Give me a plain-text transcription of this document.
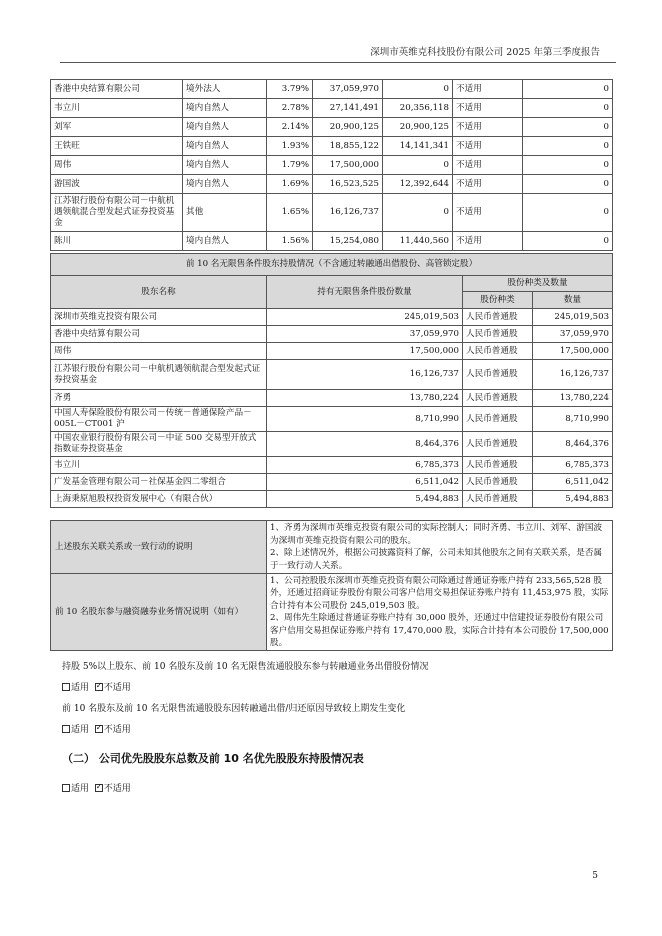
深圳市英维克科技股份有限公司 2025 年第三季度报告
香港中央结算有限公司	境外法人	3.79%	37,059,970	0	不适用	0
韦立川	境内自然人	2.78%	27,141,491	20,356,118	不适用	0
刘军	境内自然人	2.14%	20,900,125	20,900,125	不适用	0
王铁旺	境内自然人	1.93%	18,855,122	14,141,341	不适用	0
周伟	境内自然人	1.79%	17,500,000	0	不适用	0
游国波	境内自然人	1.69%	16,523,525	12,392,644	不适用	0
江苏银行股份有限公司－中航机遇领航混合型发起式证券投资基金	其他	1.65%	16,126,737	0	不适用	0
陈川	境内自然人	1.56%	15,254,080	11,440,560	不适用	0
前 10 名无限售条件股东持股情况（不含通过转融通出借股份、高管锁定股）			
股东名称	持有无限售条件股份数量	股份种类及数量	
		股份种类	数量
深圳市英维克投资有限公司	245,019,503	人民币普通股	245,019,503
香港中央结算有限公司	37,059,970	人民币普通股	37,059,970
周伟	17,500,000	人民币普通股	17,500,000
江苏银行股份有限公司－中航机遇领航混合型发起式证券投资基金	16,126,737	人民币普通股	16,126,737
齐勇	13,780,224	人民币普通股	13,780,224
中国人寿保险股份有限公司－传统－普通保险产品－005L－CT001 沪	8,710,990	人民币普通股	8,710,990
中国农业银行股份有限公司－中证 500 交易型开放式指数证券投资基金	8,464,376	人民币普通股	8,464,376
韦立川	6,785,373	人民币普通股	6,785,373
广发基金管理有限公司－社保基金四二零组合	6,511,042	人民币普通股	6,511,042
上海秉原旭股权投资发展中心（有限合伙）	5,494,883	人民币普通股	5,494,883
上述股东关联关系或一致行动的说明	1、齐勇为深圳市英维克投资有限公司的实际控制人；同时齐勇、韦立川、刘军、游国波为深圳市英维克投资有限公司的股东。
2、除上述情况外，根据公司披露资料了解，公司未知其他股东之间有关联关系，是否属于一致行动人关系。
前 10 名股东参与融资融券业务情况说明（如有）	1、公司控股股东深圳市英维克投资有限公司除通过普通证券账户持有 233,565,528 股外，还通过招商证券股份有限公司客户信用交易担保证券账户持有 11,453,975 股，实际合计持有本公司股份 245,019,503 股。
2、周伟先生除通过普通证券账户持有 30,000 股外，还通过中信建投证券股份有限公司客户信用交易担保证券账户持有 17,470,000 股，实际合计持有本公司股份 17,500,000 股。
持股 5%以上股东、前 10 名股东及前 10 名无限售流通股股东参与转融通业务出借股份情况
适用 ✓ 不适用
前 10 名股东及前 10 名无限售流通股股东因转融通出借/归还原因导致较上期发生变化
适用 ✓ 不适用
（二） 公司优先股股东总数及前 10 名优先股股东持股情况表
适用 ✓ 不适用
5
